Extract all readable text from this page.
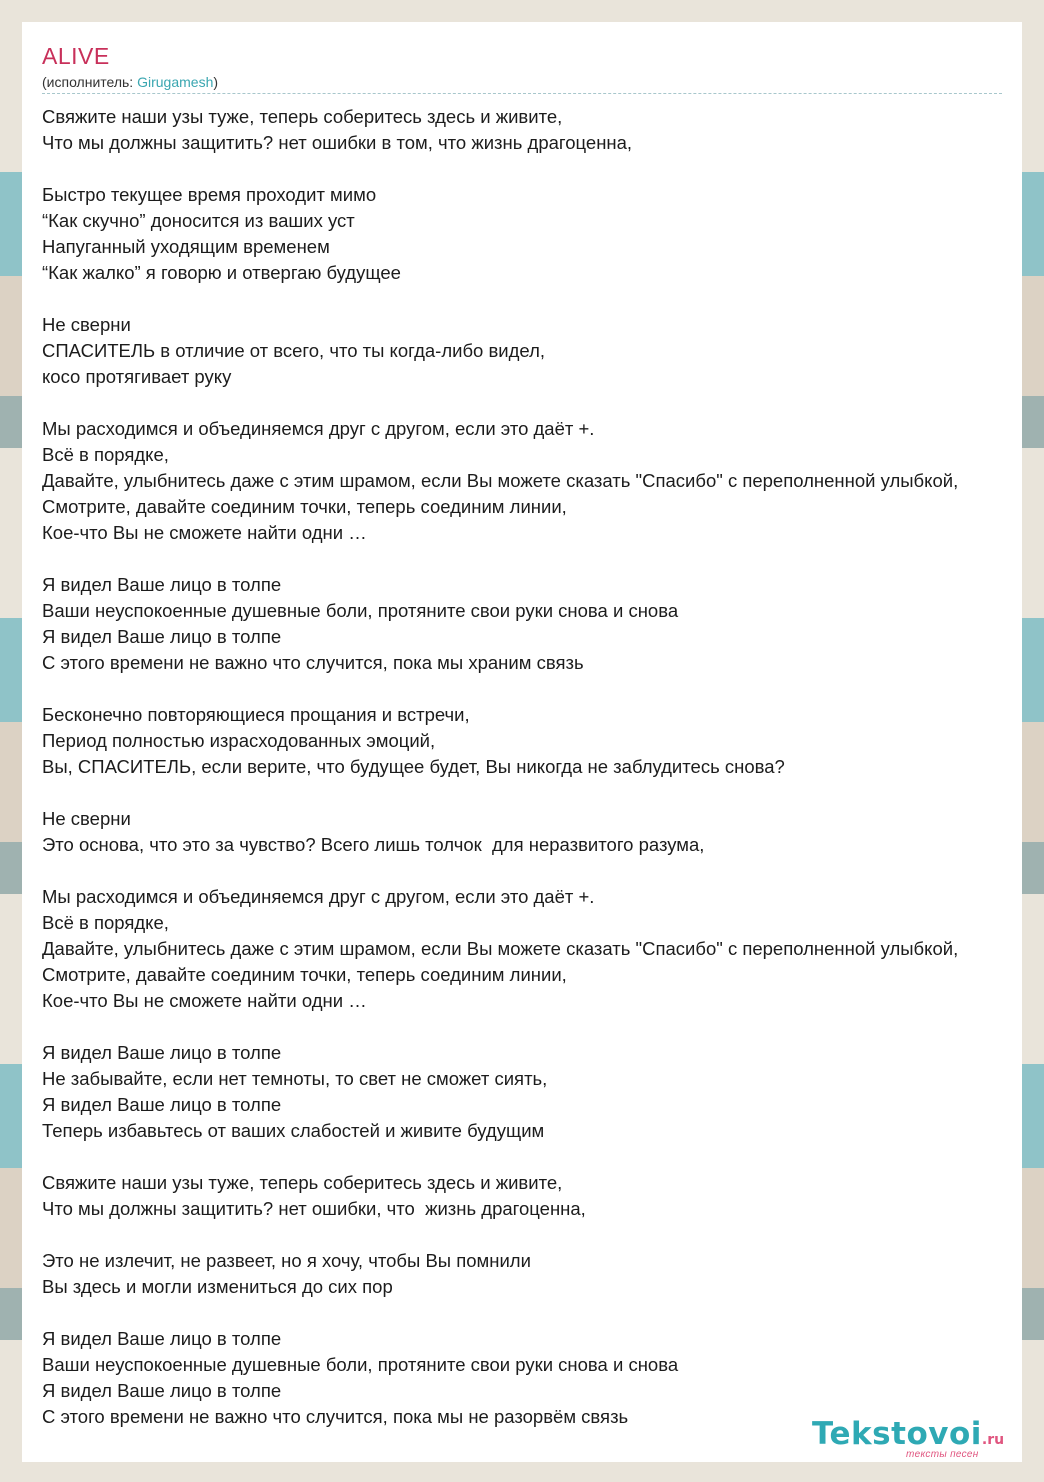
ALIVE
(исполнитель: Girugamesh)
Свяжите наши узы туже, теперь соберитесь здесь и живите,
Что мы должны защитить? нет ошибки в том, что жизнь драгоценна,
Быстро текущее время проходит мимо
“Как скучно” доносится из ваших уст
Напуганный уходящим временем
“Как жалко” я говорю и отвергаю будущее
Не сверни
СПАСИТЕЛЬ в отличие от всего, что ты когда-либо видел,
косо протягивает руку
Мы расходимся и объединяемся друг с другом, если это даёт +.
Всё в порядке,
Давайте, улыбнитесь даже с этим шрамом, если Вы можете сказать "Спасибо" с переполненной улыбкой,
Смотрите, давайте соединим точки, теперь соединим линии,
Кое-что Вы не сможете найти одни …
Я видел Ваше лицо в толпе
Ваши неуспокоенные душевные боли, протяните свои руки снова и снова
Я видел Ваше лицо в толпе
С этого времени не важно что случится, пока мы храним связь
Бесконечно повторяющиеся прощания и встречи,
Период полностью израсходованных эмоций,
Вы, СПАСИТЕЛЬ, если верите, что будущее будет, Вы никогда не заблудитесь снова?
Не сверни
Это основа, что это за чувство? Всего лишь толчок  для неразвитого разума,
Мы расходимся и объединяемся друг с другом, если это даёт +.
Всё в порядке,
Давайте, улыбнитесь даже с этим шрамом, если Вы можете сказать "Спасибо" с переполненной улыбкой,
Смотрите, давайте соединим точки, теперь соединим линии,
Кое-что Вы не сможете найти одни …
Я видел Ваше лицо в толпе
Не забывайте, если нет темноты, то свет не сможет сиять,
Я видел Ваше лицо в толпе
Теперь избавьтесь от ваших слабостей и живите будущим
Свяжите наши узы туже, теперь соберитесь здесь и живите,
Что мы должны защитить? нет ошибки, что  жизнь драгоценна,
Это не излечит, не развеет, но я хочу, чтобы Вы помнили
Вы здесь и могли измениться до сих пор
Я видел Ваше лицо в толпе
Ваши неуспокоенные душевные боли, протяните свои руки снова и снова
Я видел Ваше лицо в толпе
С этого времени не важно что случится, пока мы не разорвём связь	Tekstovoi.ru
тексты песен
